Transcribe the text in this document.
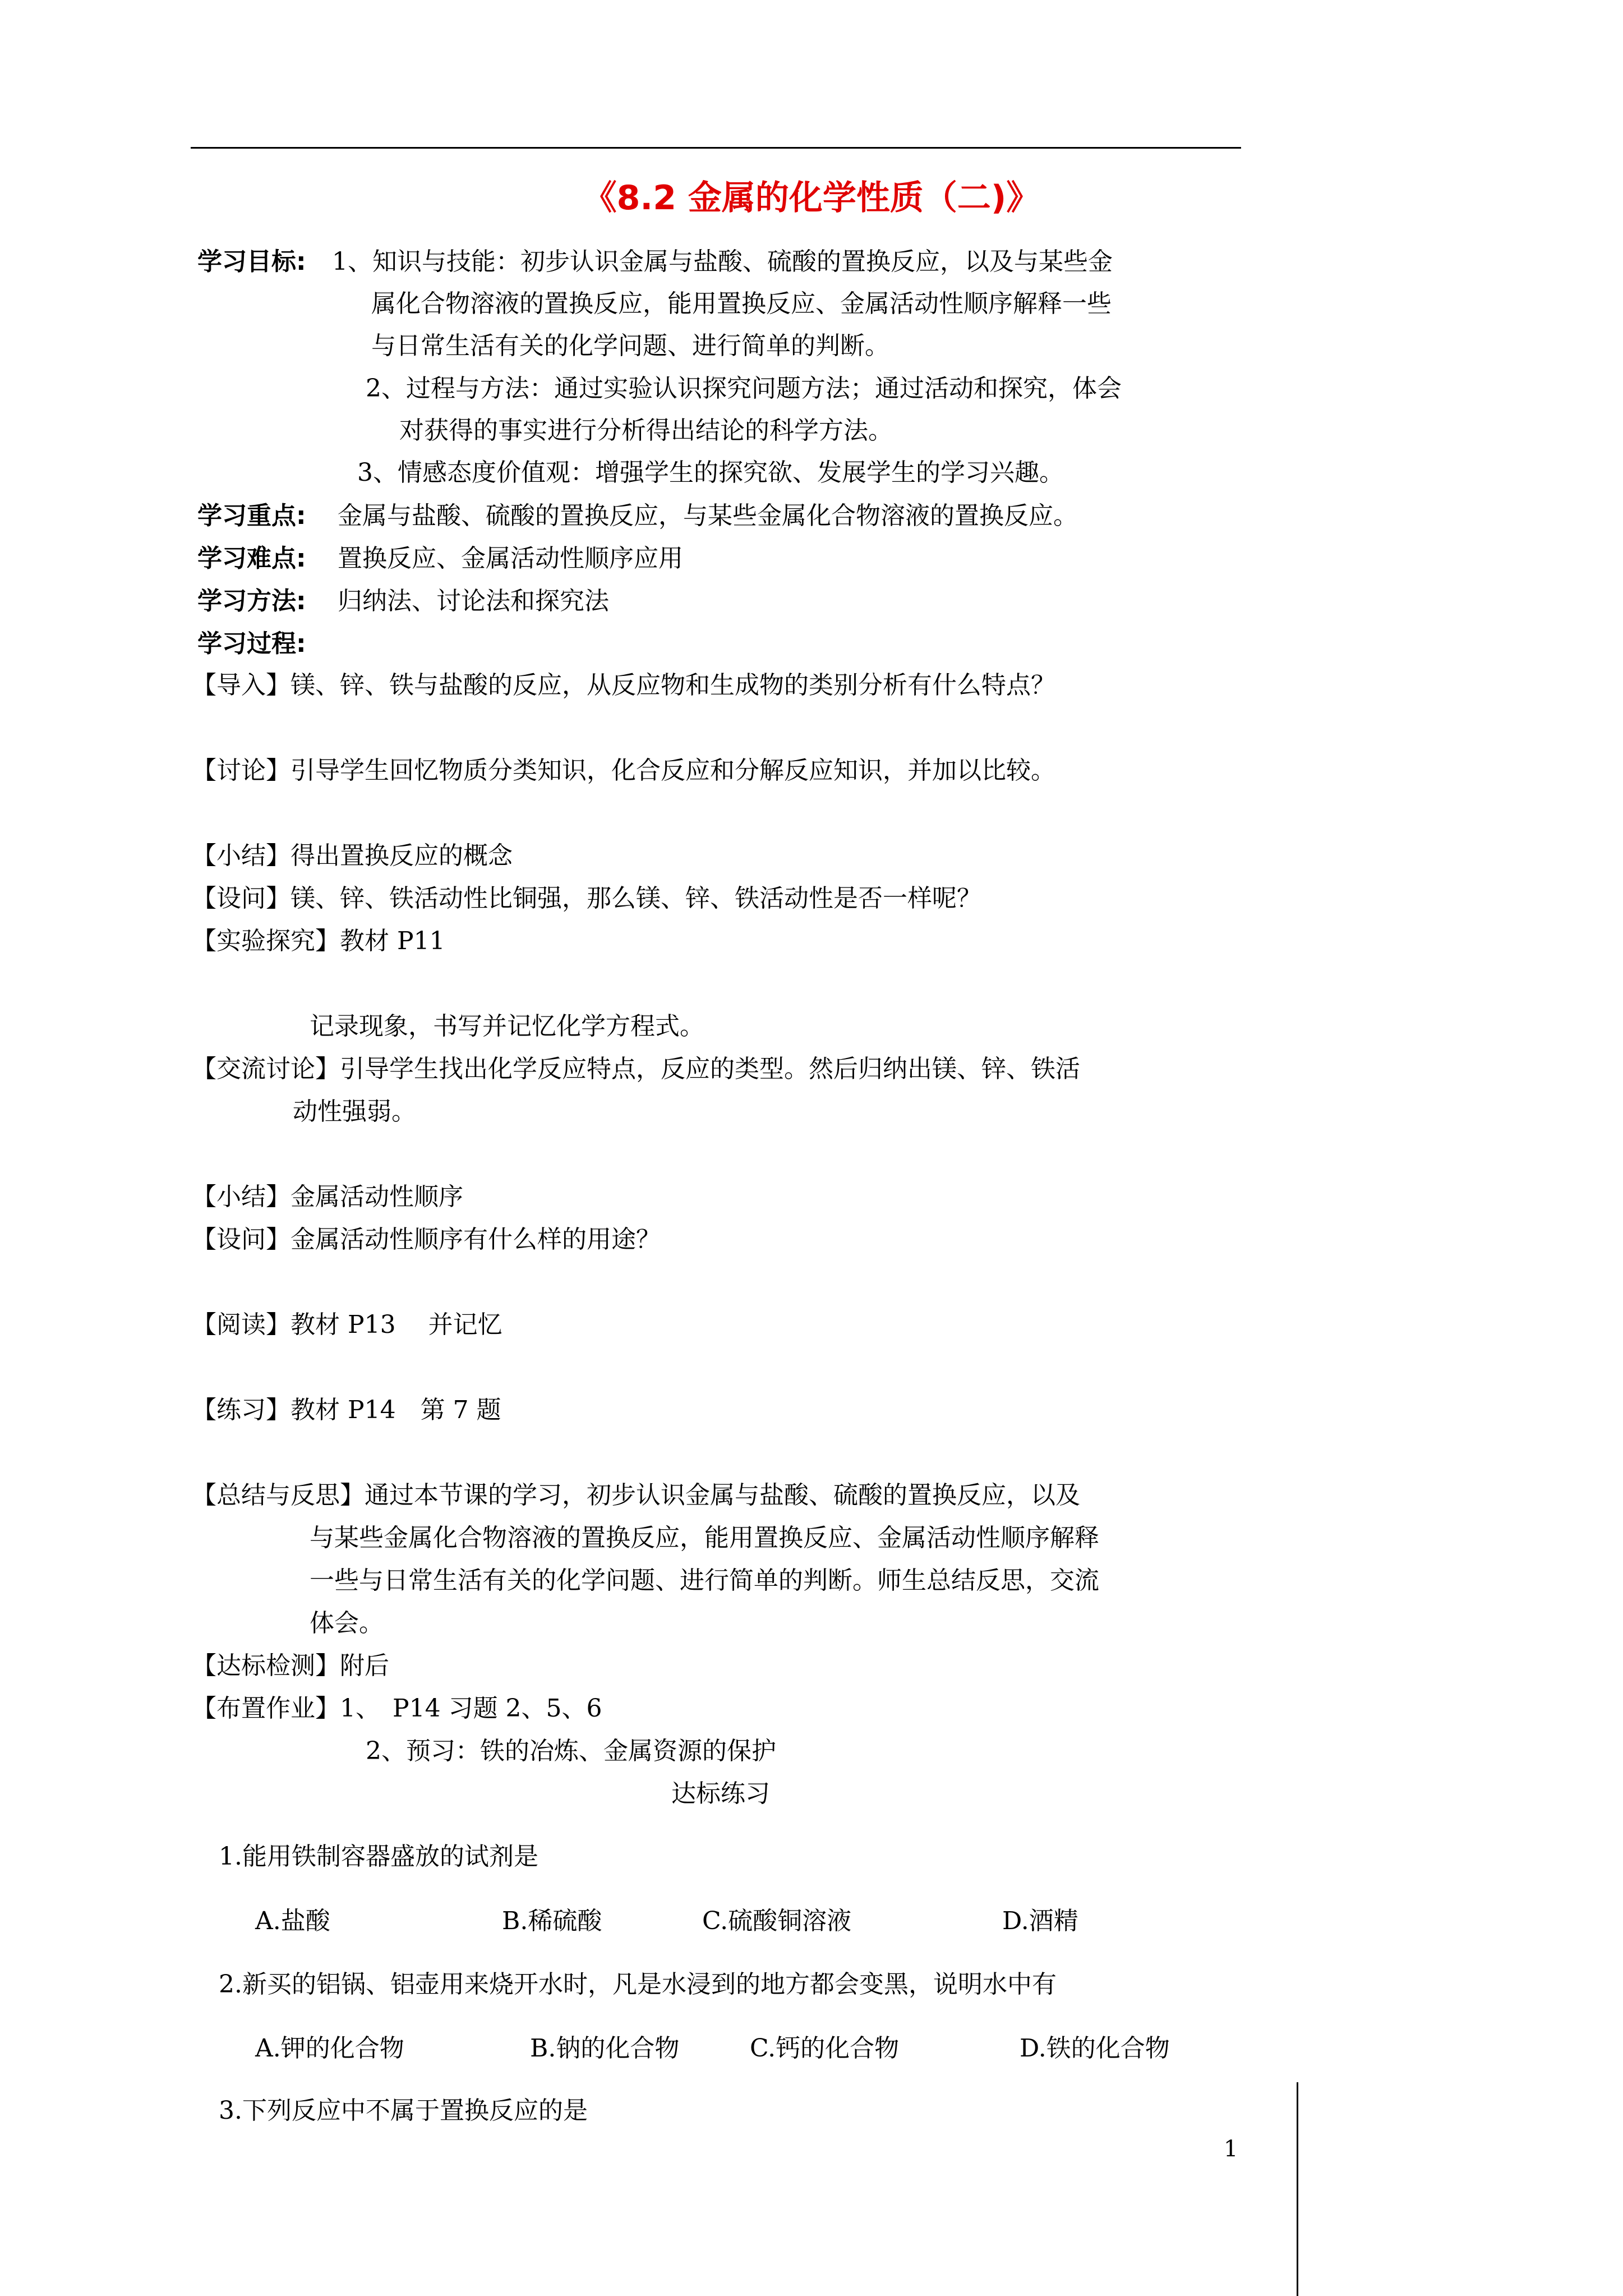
《8.2 金属的化学性质（二)》
学习目标: 1、知识与技能：初步认识金属与盐酸、硫酸的置换反应，以及与某些金
属化合物溶液的置换反应，能用置换反应、金属活动性顺序解释一些
与日常生活有关的化学问题、进行简单的判断。
2、过程与方法：通过实验认识探究问题方法；通过活动和探究，体会
对获得的事实进行分析得出结论的科学方法。
3、情感态度价值观：增强学生的探究欲、发展学生的学习兴趣。
学习重点: 金属与盐酸、硫酸的置换反应，与某些金属化合物溶液的置换反应。
学习难点: 置换反应、金属活动性顺序应用
学习方法: 归纳法、讨论法和探究法
学习过程:
【导入】镁、锌、铁与盐酸的反应，从反应物和生成物的类别分析有什么特点？
【讨论】引导学生回忆物质分类知识，化合反应和分解反应知识，并加以比较。
【小结】得出置换反应的概念
【设问】镁、锌、铁活动性比铜强，那么镁、锌、铁活动性是否一样呢？
【实验探究】教材 P11
记录现象，书写并记忆化学方程式。
【交流讨论】引导学生找出化学反应特点，反应的类型。然后归纳出镁、锌、铁活
动性强弱。
【小结】金属活动性顺序
【设问】金属活动性顺序有什么样的用途？
【阅读】教材 P13　 并记忆
【练习】教材 P14　第 7 题
【总结与反思】通过本节课的学习，初步认识金属与盐酸、硫酸的置换反应，以及
与某些金属化合物溶液的置换反应，能用置换反应、金属活动性顺序解释
一些与日常生活有关的化学问题、进行简单的判断。师生总结反思，交流
体会。
【达标检测】附后
【布置作业】1、　P14 习题 2、5、6
2、预习：铁的冶炼、金属资源的保护
达标练习
1.能用铁制容器盛放的试剂是
A.盐酸	B.稀硫酸	C.硫酸铜溶液	D.酒精
2.新买的铝锅、铝壶用来烧开水时，凡是水浸到的地方都会变黑，说明水中有
A.钾的化合物	B.钠的化合物	C.钙的化合物	D.铁的化合物
3.下列反应中不属于置换反应的是
1
